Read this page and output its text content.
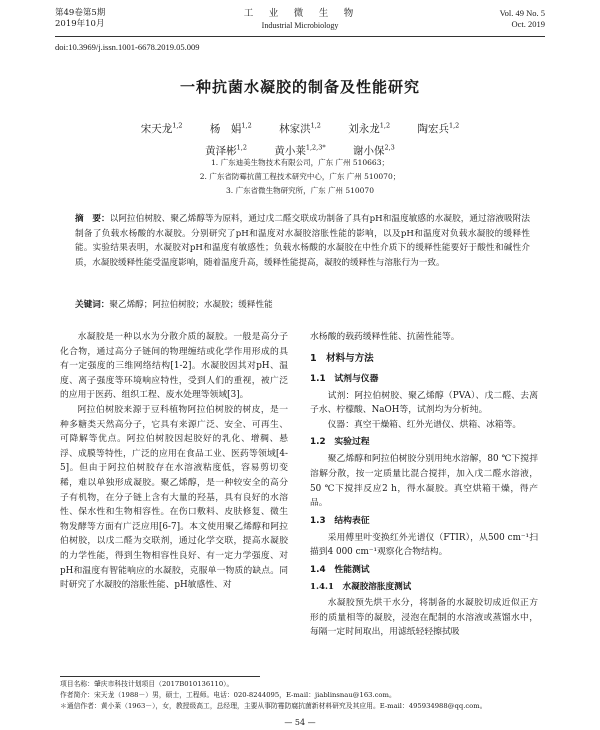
第49卷第5期
2019年10月
工　业　微　生　物
Industrial Microbiology
Vol. 49 No. 5
Oct. 2019
doi:10.3969/j.issn.1001-6678.2019.05.009
一种抗菌水凝胶的制备及性能研究
宋天龙$^{1,2}$	杨　娟$^{1,2}$	林家洪$^{1,2}$	刘永龙$^{1,2}$	陶宏兵$^{1,2}$
黄泽彬$^{1,2}$	黄小莱$^{1,2,3*}$	谢小保$^{2,3}$
1. 广东迪美生物技术有限公司，广东 广州 510663；
2. 广东省防霉抗菌工程技术研究中心，广东 广州 510070；
3. 广东省微生物研究所，广东 广州 510070
摘　要：以阿拉伯树胶、聚乙烯醇等为原料，通过戊二醛交联成功制备了具有pH和温度敏感的水凝胶，通过溶液吸附法制备了负载水杨酸的水凝胶。分别研究了pH和温度对水凝胶溶胀性能的影响，以及pH和温度对负载水凝胶的缓释性能。实验结果表明，水凝胶对pH和温度有敏感性；负载水杨酸的水凝胶在中性介质下的缓释性能要好于酸性和碱性介质，水凝胶缓释性能受温度影响，随着温度升高，缓释性能提高，凝胶的缓释性与溶胀行为一致。
关键词：聚乙烯醇；阿拉伯树胶；水凝胶；缓释性能

水凝胶是一种以水为分散介质的凝胶。一般是高分子化合物，通过高分子链间的物理缠结或化学作用形成的具有一定强度的三维网络结构[1-2]。水凝胶因其对pH、温度、离子强度等环境响应特性，受到人们的重视，被广泛的应用于医药、组织工程、废水处理等领域[3]。

阿拉伯树胶来源于豆科植物阿拉伯树胶的树皮，是一种多糖类天然高分子，它具有来源广泛、安全、可再生、可降解等优点。阿拉伯树胶因起胶好的乳化、增稠、悬浮、成膜等特性，广泛的应用在食品工业、医药等领域[4-5]。但由于阿拉伯树胶存在水溶液粘度低，容易剪切变稀，难以单独形成凝胶。聚乙烯醇，是一种较安全的高分子有机物，在分子链上含有大量的羟基，具有良好的水溶性、保水性和生物相容性。在伤口敷料、皮肤修复、微生物发酵等方面有广泛应用[6-7]。本文使用聚乙烯醇和阿拉伯树胶，以戊二醛为交联剂，通过化学交联，提高水凝胶的力学性能，得到生物相容性良好、有一定力学强度、对pH和温度有智能响应的水凝胶，克服单一物质的缺点。同时研究了水凝胶的溶胀性能、pH敏感性、对

水杨酸的载药缓释性能、抗菌性能等。

1　材料与方法
1.1　试剂与仪器

试剂：阿拉伯树胶、聚乙烯醇（PVA）、戊二醛、去离子水、柠檬酸、NaOH等，试剂均为分析纯。

仪器：真空干燥箱、红外光谱仪、烘箱、冰箱等。

1.2　实验过程

聚乙烯醇和阿拉伯树胶分别用纯水溶解，80 ℃下搅拌溶解分散，按一定质量比混合搅拌，加入戊二醛水溶液，50 ℃下搅拌反应2 h，得水凝胶。真空烘箱干燥，得产品。

1.3　结构表征

采用傅里叶变换红外光谱仪（FTIR），从500 cm⁻¹扫描到4 000 cm⁻¹观察化合物结构。

1.4　性能测试
1.4.1　水凝胶溶胀度测试

水凝胶预先烘干水分，将制备的水凝胶切成近似正方形的质量相等的凝胶，浸泡在配制的水溶液或蒸馏水中，每隔一定时间取出，用滤纸轻轻擦拭吸

项目名称：肇庆市科技计划项目（2017B010136110）。
作者简介：宋天龙（1988－）男，硕士，工程师。电话：020-8244095，E-mail：jiablinsnau@163.com。
＊通信作者：黄小莱（1963－），女，教授级高工，总经理，主要从事防霉防腐抗菌新材料研究及其应用。E-mail：495934988@qq.com。
— 54 —
